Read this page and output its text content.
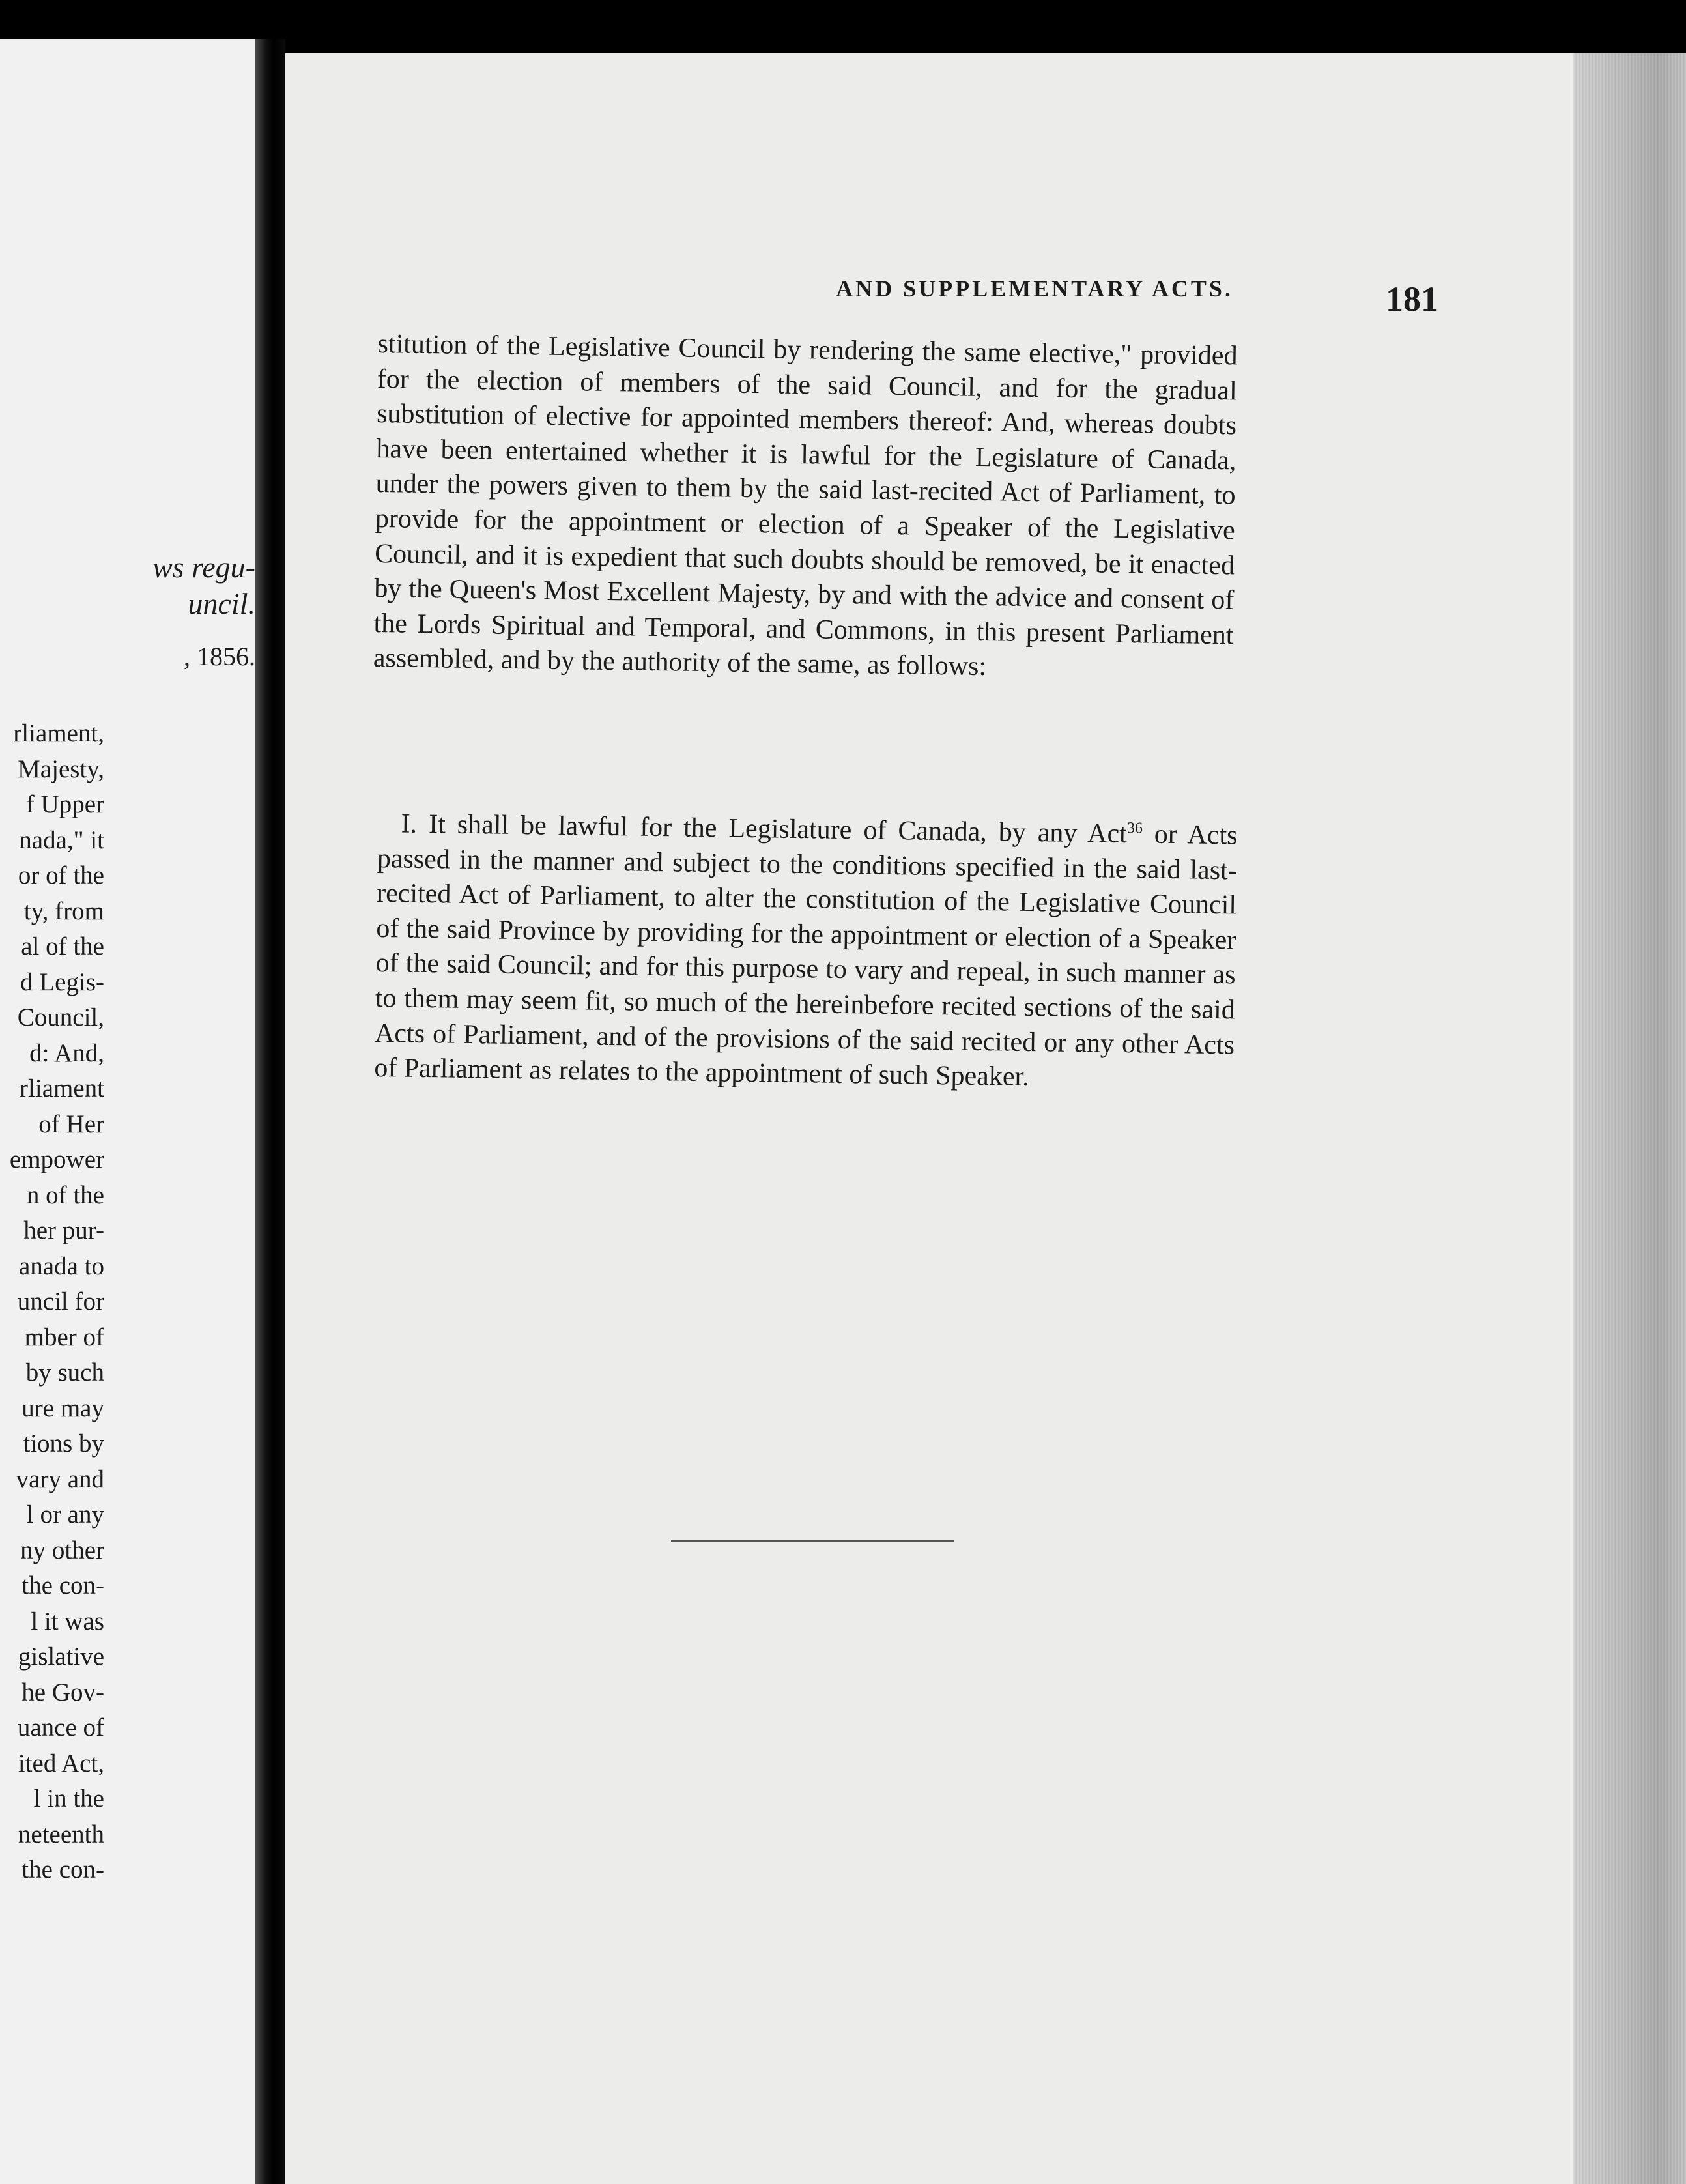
ws regu-
uncil.
, 1856.
rliament,
Majesty,
f Upper
nada," it
or of the
ty, from
al of the
d Legis-
Council,
d: And,
rliament
of Her
empower
n of the
her pur-
anada to
uncil for
mber of
by such
ure may
tions by
vary and
l or any
ny other
the con-
l it was
gislative
he Gov-
uance of
ited Act,
l in the
neteenth
the con-
AND SUPPLEMENTARY ACTS.	181
stitution of the Legislative Council by rendering the same elective," provided for the election of members of the said Council, and for the gradual substitution of elective for appointed members thereof: And, whereas doubts have been entertained whether it is lawful for the Legislature of Canada, under the powers given to them by the said last-recited Act of Parliament, to provide for the appointment or election of a Speaker of the Legislative Council, and it is expedient that such doubts should be removed, be it enacted by the Queen's Most Excellent Majesty, by and with the advice and consent of the Lords Spiritual and Temporal, and Commons, in this present Parliament assembled, and by the authority of the same, as follows:
I. It shall be lawful for the Legislature of Canada, by any Act$^{36}$ or Acts passed in the manner and subject to the conditions specified in the said last-recited Act of Parliament, to alter the constitution of the Legislative Council of the said Province by providing for the appointment or election of a Speaker of the said Council; and for this purpose to vary and repeal, in such manner as to them may seem fit, so much of the hereinbefore recited sections of the said Acts of Parliament, and of the provisions of the said recited or any other Acts of Parliament as relates to the appointment of such Speaker.
